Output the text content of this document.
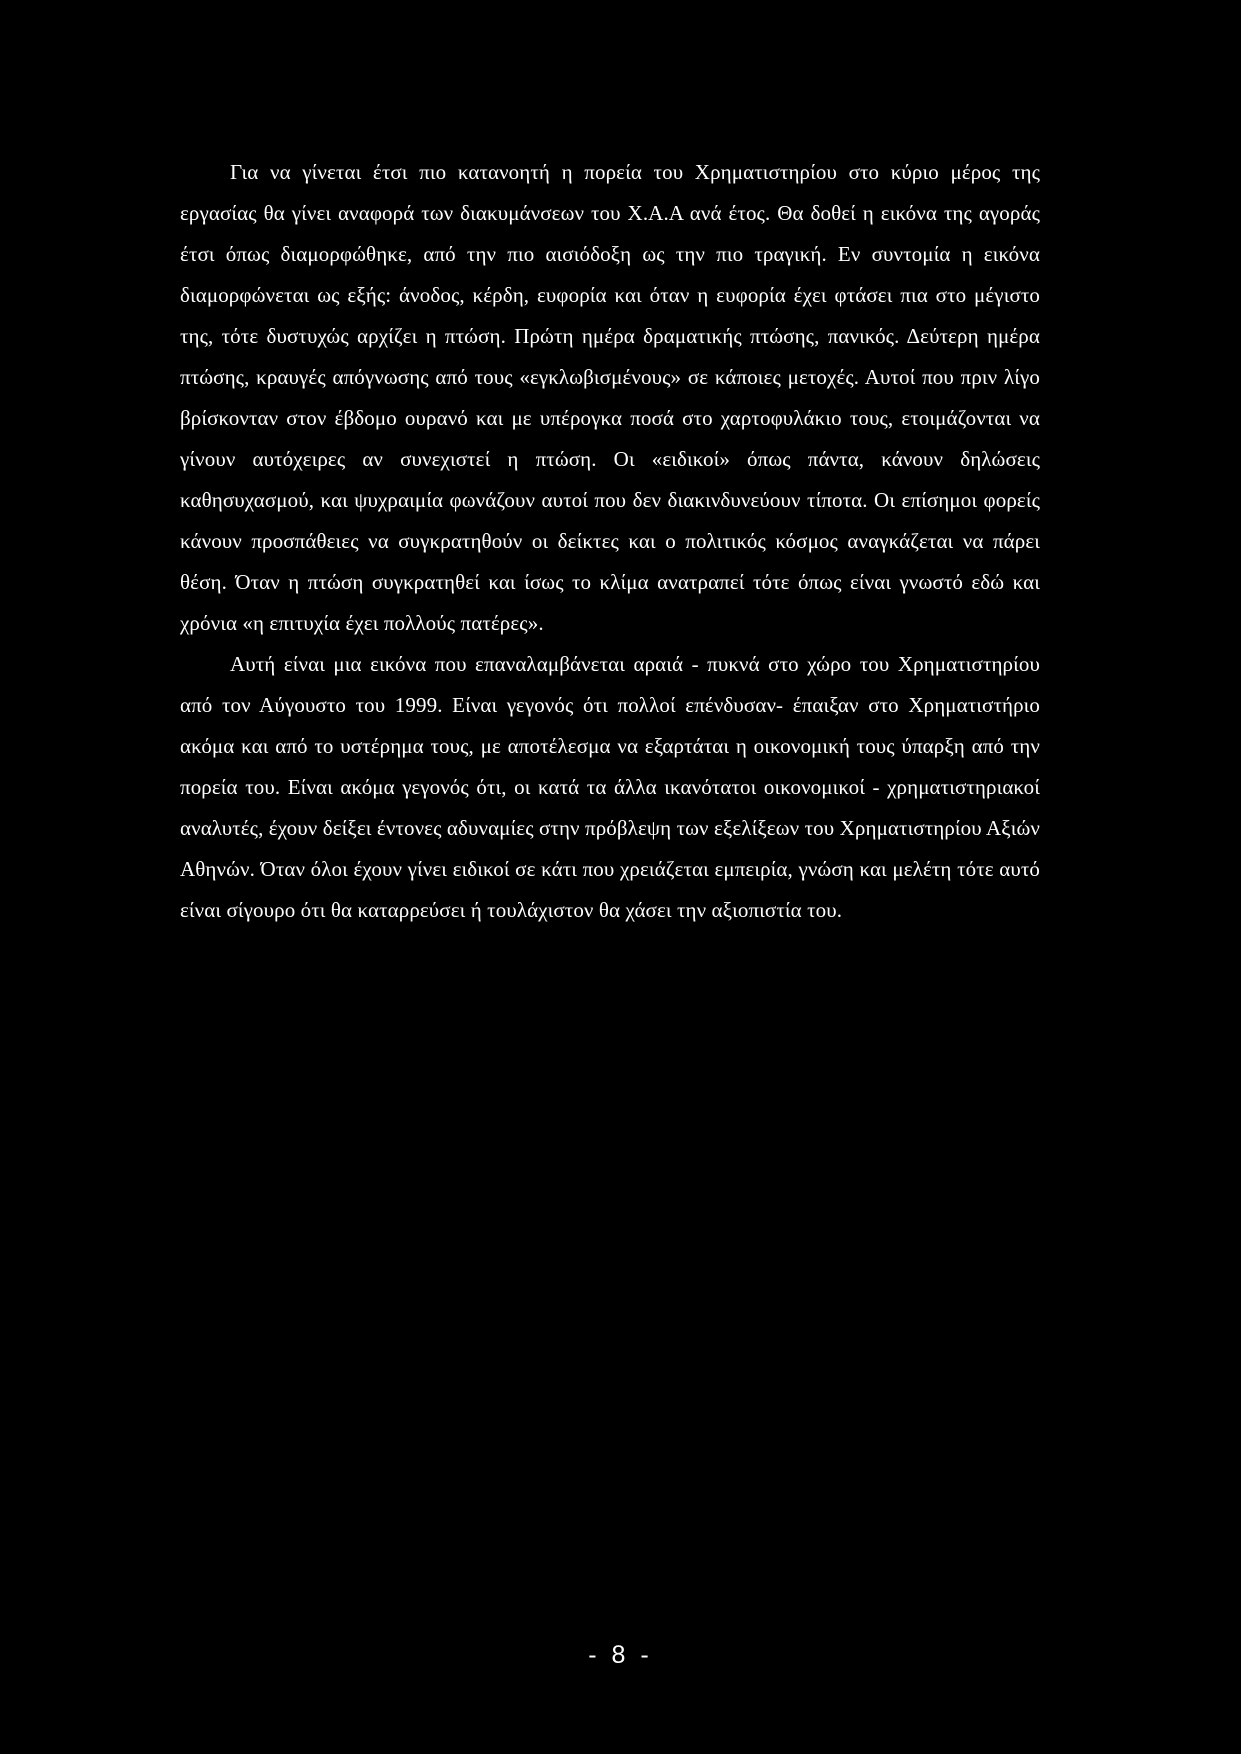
Για να γίνεται έτσι πιο κατανοητή η πορεία του Χρηματιστηρίου στο κύριο μέρος της εργασίας θα γίνει αναφορά των διακυμάνσεων του Χ.Α.Α ανά έτος. Θα δοθεί η εικόνα της αγοράς έτσι όπως διαμορφώθηκε, από την πιο αισιόδοξη ως την πιο τραγική. Εν συντομία η εικόνα διαμορφώνεται ως εξής: άνοδος, κέρδη, ευφορία και όταν η ευφορία έχει φτάσει πια στο μέγιστο της, τότε δυστυχώς αρχίζει η πτώση. Πρώτη ημέρα δραματικής πτώσης, πανικός. Δεύτερη ημέρα πτώσης, κραυγές απόγνωσης από τους «εγκλωβισμένους» σε κάποιες μετοχές. Αυτοί που πριν λίγο βρίσκονταν στον έβδομο ουρανό και με υπέρογκα ποσά στο χαρτοφυλάκιο τους, ετοιμάζονται να γίνουν αυτόχειρες αν συνεχιστεί η πτώση. Οι «ειδικοί» όπως πάντα, κάνουν δηλώσεις καθησυχασμού, και ψυχραιμία φωνάζουν αυτοί που δεν διακινδυνεύουν τίποτα. Οι επίσημοι φορείς κάνουν προσπάθειες να συγκρατηθούν οι δείκτες και ο πολιτικός κόσμος αναγκάζεται να πάρει θέση. Όταν η πτώση συγκρατηθεί και ίσως το κλίμα ανατραπεί τότε όπως είναι γνωστό εδώ και χρόνια «η επιτυχία έχει πολλούς πατέρες».

Αυτή είναι μια εικόνα που επαναλαμβάνεται αραιά - πυκνά στο χώρο του Χρηματιστηρίου από τον Αύγουστο του 1999. Είναι γεγονός ότι πολλοί επένδυσαν- έπαιξαν στο Χρηματιστήριο ακόμα και από το υστέρημα τους, με αποτέλεσμα να εξαρτάται η οικονομική τους ύπαρξη από την πορεία του. Είναι ακόμα γεγονός ότι, οι κατά τα άλλα ικανότατοι οικονομικοί - χρηματιστηριακοί αναλυτές, έχουν δείξει έντονες αδυναμίες στην πρόβλεψη των εξελίξεων του Χρηματιστηρίου Αξιών Αθηνών. Όταν όλοι έχουν γίνει ειδικοί σε κάτι που χρειάζεται εμπειρία, γνώση και μελέτη τότε αυτό είναι σίγουρο ότι θα καταρρεύσει ή τουλάχιστον θα χάσει την αξιοπιστία του.

- 8 -
